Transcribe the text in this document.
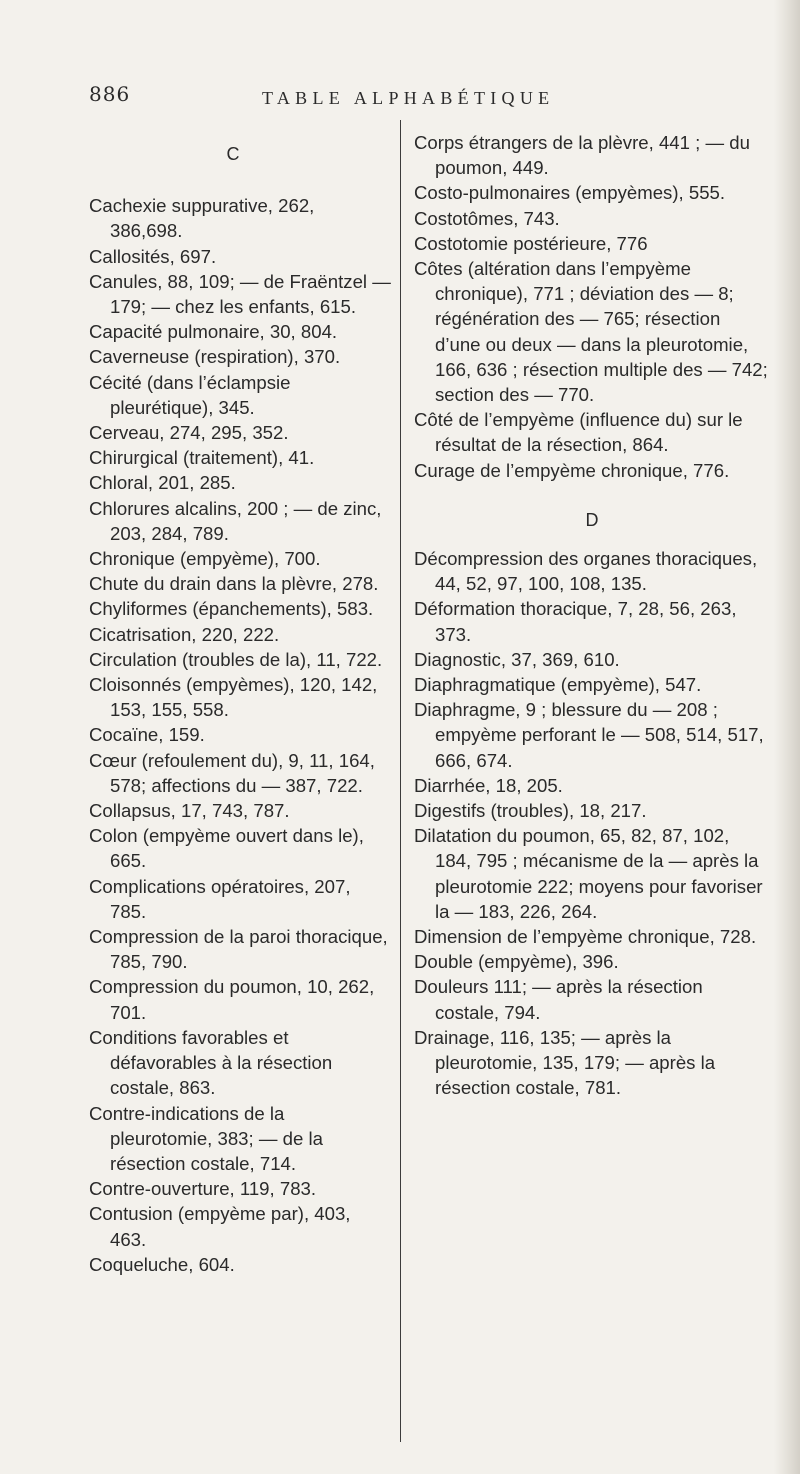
886	TABLE ALPHABÉTIQUE
C
Cachexie suppurative, 262, 386,698.
Callosités, 697.
Canules, 88, 109; — de Fraëntzel — 179; — chez les enfants, 615.
Capacité pulmonaire, 30, 804.
Caverneuse (respiration), 370.
Cécité (dans l’éclampsie pleurétique), 345.
Cerveau, 274, 295, 352.
Chirurgical (traitement), 41.
Chloral, 201, 285.
Chlorures alcalins, 200 ; — de zinc, 203, 284, 789.
Chronique (empyème), 700.
Chute du drain dans la plèvre, 278.
Chyliformes (épanchements), 583.
Cicatrisation, 220, 222.
Circulation (troubles de la), 11, 722.
Cloisonnés (empyèmes), 120, 142, 153, 155, 558.
Cocaïne, 159.
Cœur (refoulement du), 9, 11, 164, 578; affections du — 387, 722.
Collapsus, 17, 743, 787.
Colon (empyème ouvert dans le), 665.
Complications opératoires, 207, 785.
Compression de la paroi thoracique, 785, 790.
Compression du poumon, 10, 262, 701.
Conditions favorables et défavorables à la résection costale, 863.
Contre-indications de la pleurotomie, 383; — de la résection costale, 714.
Contre-ouverture, 119, 783.
Contusion (empyème par), 403, 463.
Coqueluche, 604.
Corps étrangers de la plèvre, 441 ; — du poumon, 449.
Costo-pulmonaires (empyèmes), 555.
Costotômes, 743.
Costotomie postérieure, 776
Côtes (altération dans l’empyème chronique), 771 ; déviation des — 8; régénération des — 765; résection d’une ou deux — dans la pleurotomie, 166, 636 ; résection multiple des — 742; section des — 770.
Côté de l’empyème (influence du) sur le résultat de la résection, 864.
Curage de l’empyème chronique, 776.
D
Décompression des organes thoraciques, 44, 52, 97, 100, 108, 135.
Déformation thoracique, 7, 28, 56, 263, 373.
Diagnostic, 37, 369, 610.
Diaphragmatique (empyème), 547.
Diaphragme, 9 ; blessure du — 208 ; empyème perforant le — 508, 514, 517, 666, 674.
Diarrhée, 18, 205.
Digestifs (troubles), 18, 217.
Dilatation du poumon, 65, 82, 87, 102, 184, 795 ; mécanisme de la — après la pleurotomie 222; moyens pour favoriser la — 183, 226, 264.
Dimension de l’empyème chronique, 728.
Double (empyème), 396.
Douleurs 111; — après la résection costale, 794.
Drainage, 116, 135; — après la pleurotomie, 135, 179; — après la résection costale, 781.
